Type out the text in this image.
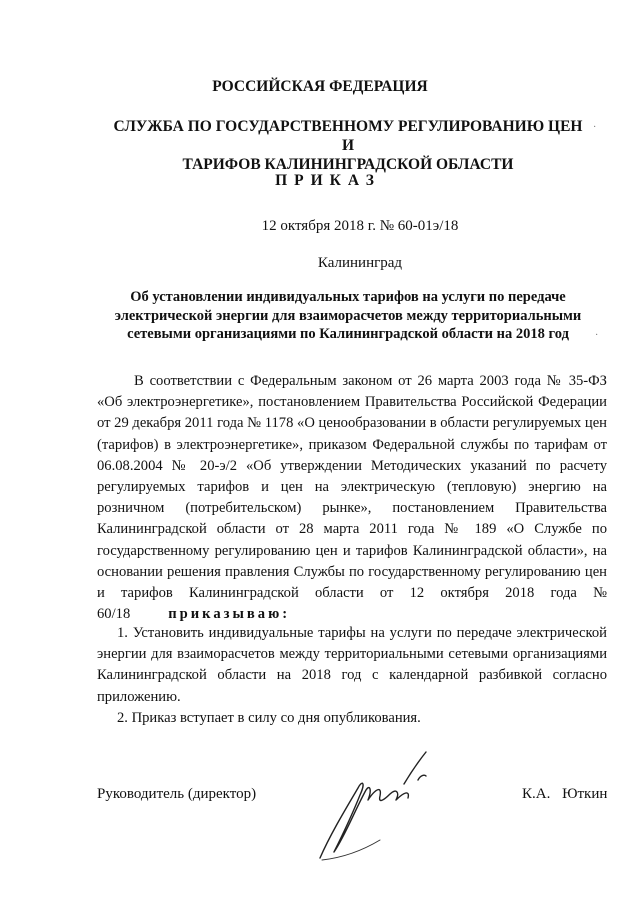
РОССИЙСКАЯ ФЕДЕРАЦИЯ
СЛУЖБА ПО ГОСУДАРСТВЕННОМУ РЕГУЛИРОВАНИЮ ЦЕН И
ТАРИФОВ КАЛИНИНГРАДСКОЙ ОБЛАСТИ
ПРИКАЗ
12 октября 2018 г. № 60-01э/18
Калининград
Об установлении индивидуальных тарифов на услуги по передаче
электрической энергии для взаиморасчетов между территориальными
сетевыми организациями по Калининградской области на 2018 год
В соответствии с Федеральным законом от 26 марта 2003 года № 35-ФЗ «Об электроэнергетике», постановлением Правительства Российской Федерации от 29 декабря 2011 года № 1178 «О ценообразовании в области регулируемых цен (тарифов) в электроэнергетике», приказом Федеральной службы по тарифам от 06.08.2004 № 20-э/2 «Об утверждении Методических указаний по расчету регулируемых тарифов и цен на электрическую (тепловую) энергию на розничном (потребительском) рынке», постановлением Правительства Калининградской области от 28 марта 2011 года № 189 «О Службе по государственному регулированию цен и тарифов Калининградской области», на основании решения правления Службы по государственному регулированию цен и тарифов Калининградской области от 12 октября 2018 года № 60/18	приказываю:
1. Установить индивидуальные тарифы на услуги по передаче электрической энергии для взаиморасчетов между территориальными сетевыми организациями Калининградской области на 2018 год с календарной разбивкой согласно приложению.
2. Приказ вступает в силу со дня опубликования.
Руководитель (директор)	К.А. Юткин
·
·
